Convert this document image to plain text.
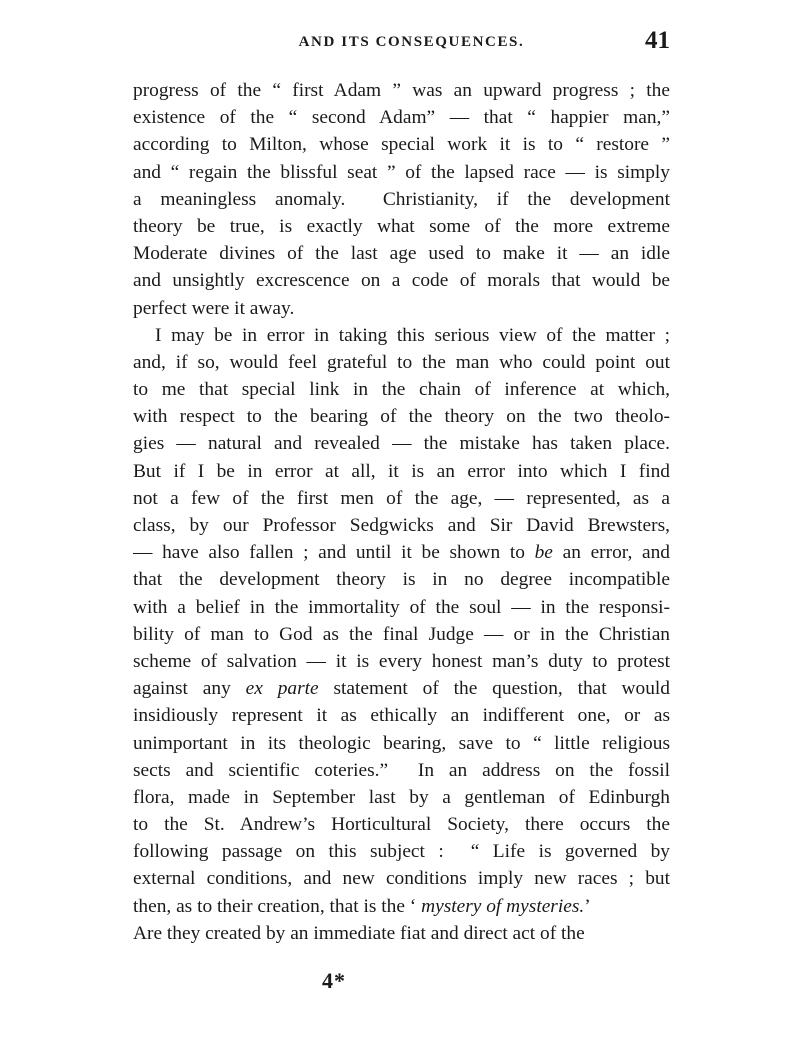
AND ITS CONSEQUENCES.	41
progress of the “ first Adam ” was an upward progress ; the
existence of the “ second Adam” — that “ happier man,”
according to Milton, whose special work it is to “ restore ”
and “ regain the blissful seat ” of the lapsed race — is simply
a meaningless anomaly.  Christianity, if the development
theory be true, is exactly what some of the more extreme
Moderate divines of the last age used to make it — an idle
and unsightly excrescence on a code of morals that would be
perfect were it away.
I may be in error in taking this serious view of the matter ;
and, if so, would feel grateful to the man who could point out
to me that special link in the chain of inference at which,
with respect to the bearing of the theory on the two theolo-
gies — natural and revealed — the mistake has taken place.
But if I be in error at all, it is an error into which I find
not a few of the first men of the age, — represented, as a
class, by our Professor Sedgwicks and Sir David Brewsters,
— have also fallen ; and until it be shown to be an error, and
that the development theory is in no degree incompatible
with a belief in the immortality of the soul — in the responsi-
bility of man to God as the final Judge — or in the Christian
scheme of salvation — it is every honest man’s duty to protest
against any ex parte statement of the question, that would
insidiously represent it as ethically an indifferent one, or as
unimportant in its theologic bearing, save to “ little religious
sects and scientific coteries.”  In an address on the fossil
flora, made in September last by a gentleman of Edinburgh
to the St. Andrew’s Horticultural Society, there occurs the
following passage on this subject :  “ Life is governed by
external conditions, and new conditions imply new races ; but
then, as to their creation, that is the ‘ mystery of mysteries.’
Are they created by an immediate fiat and direct act of the
4*
